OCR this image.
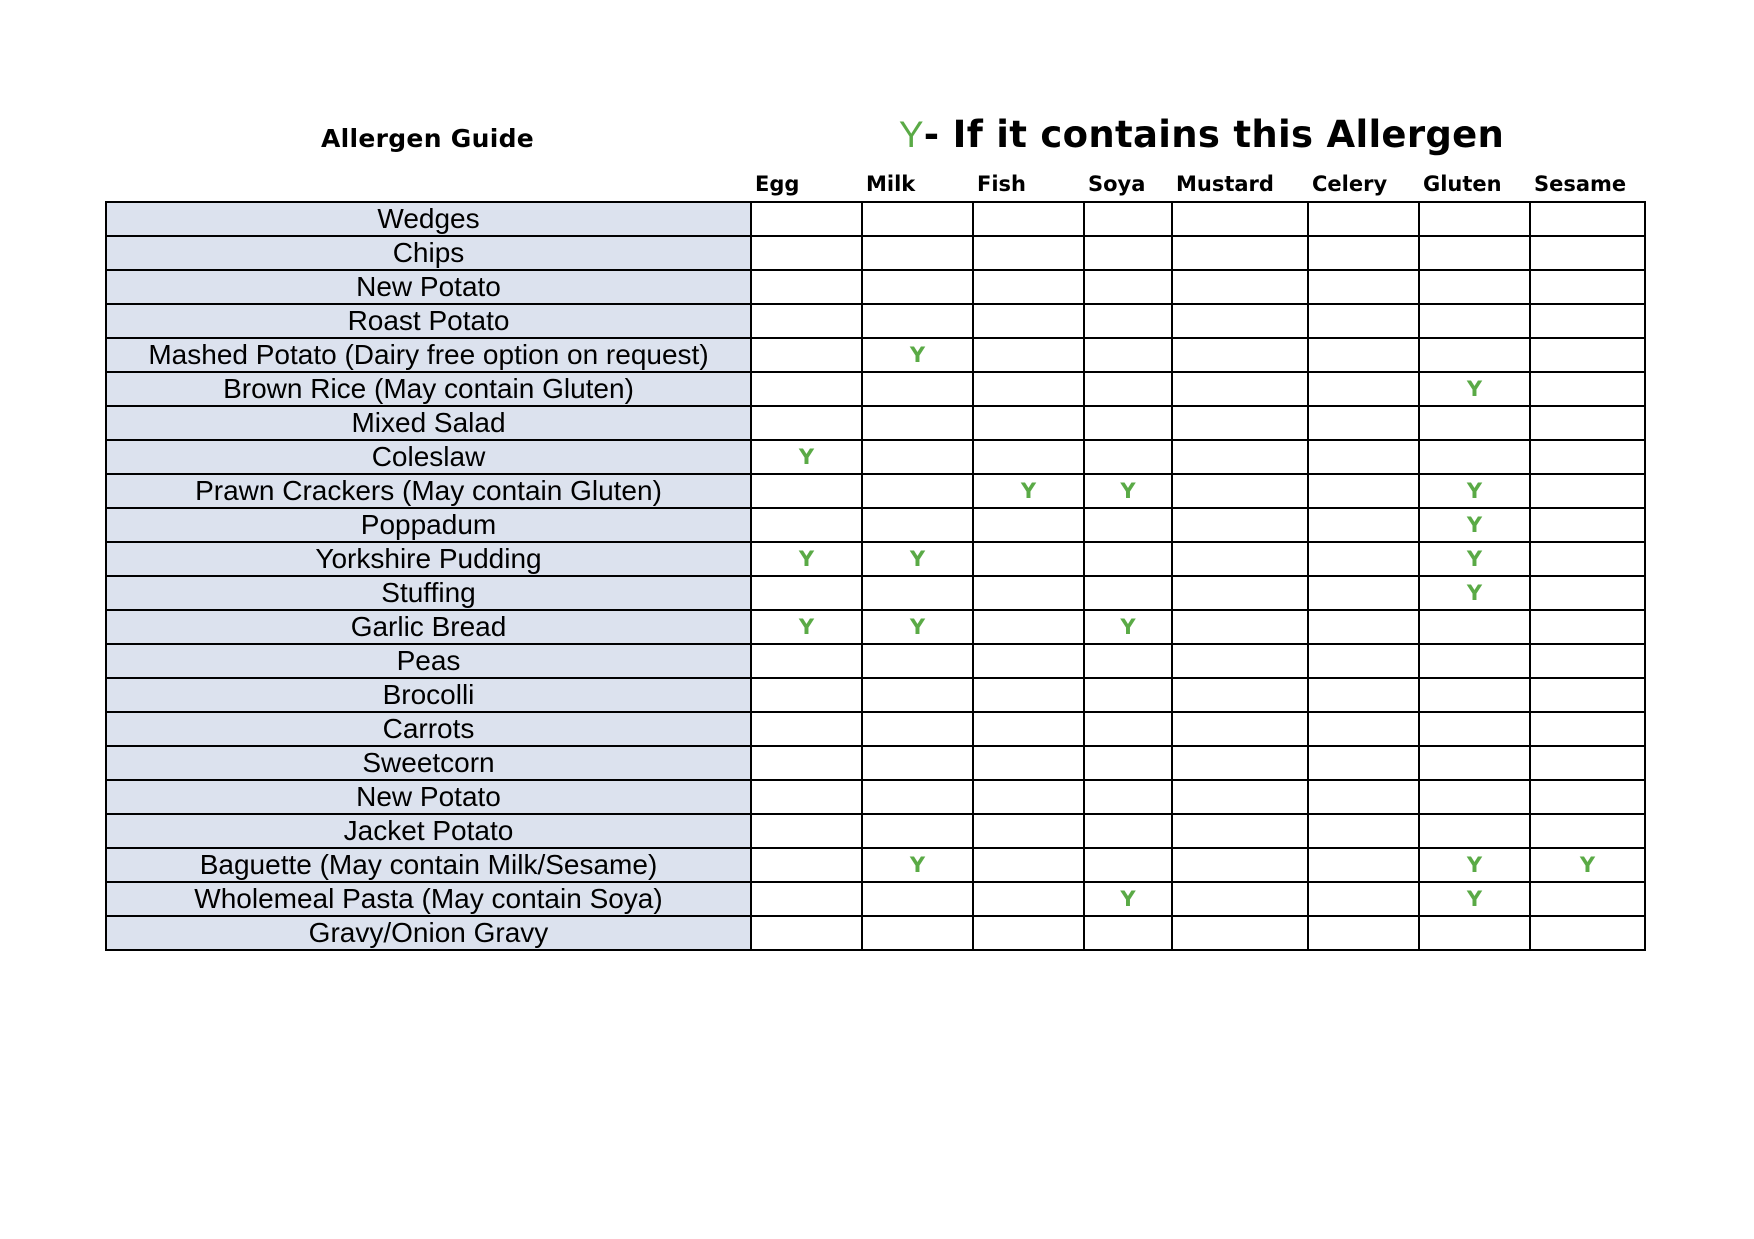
Allergen Guide	Y- If it contains this Allergen
	Egg	Milk	Fish	Soya	Mustard	Celery	Gluten	Sesame
Wedges								
Chips								
New Potato								
Roast Potato								
Mashed Potato (Dairy free option on request)		Y						
Brown Rice (May contain Gluten)							Y	
Mixed Salad								
Coleslaw	Y							
Prawn Crackers (May contain Gluten)			Y	Y			Y	
Poppadum							Y	
Yorkshire Pudding	Y	Y					Y	
Stuffing							Y	
Garlic Bread	Y	Y		Y				
Peas								
Brocolli								
Carrots								
Sweetcorn								
New Potato								
Jacket Potato								
Baguette (May contain Milk/Sesame)		Y					Y	Y
Wholemeal Pasta (May contain Soya)				Y			Y	
Gravy/Onion Gravy								
